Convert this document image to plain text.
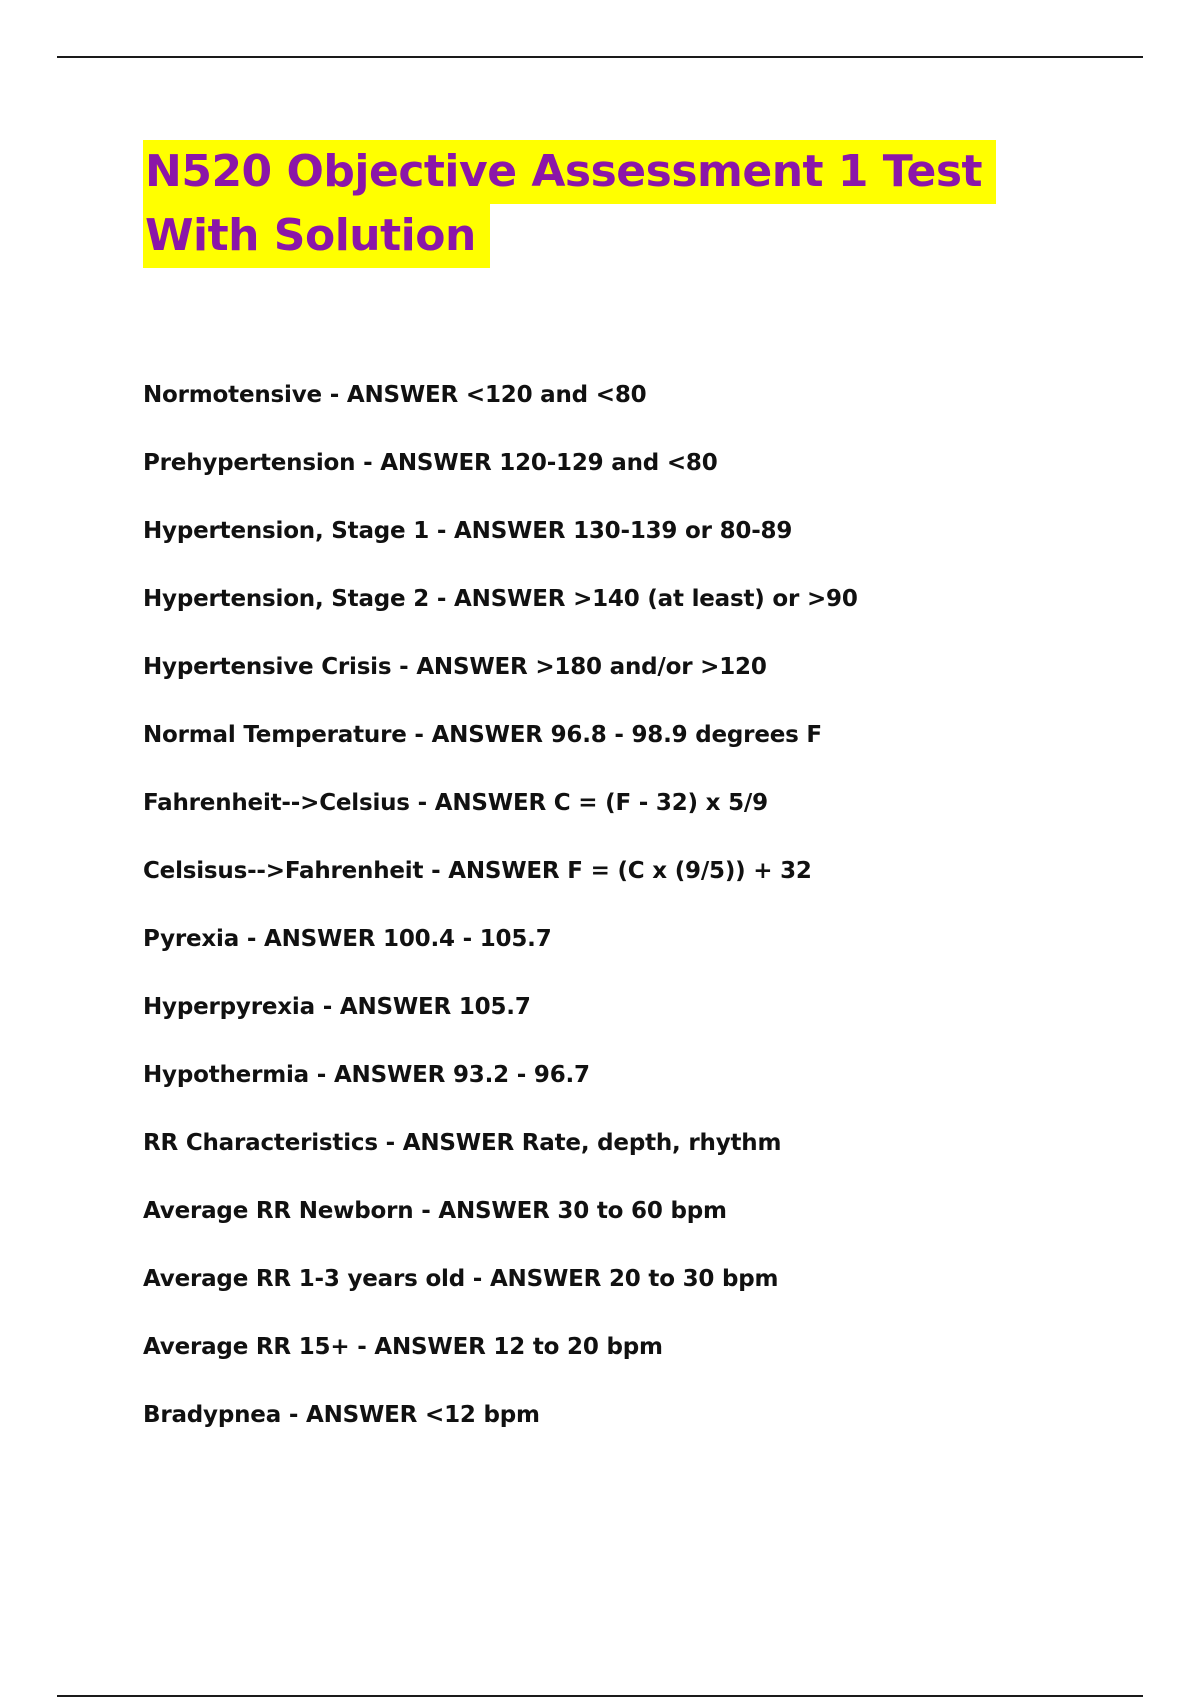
N520 Objective Assessment 1 Test
With Solution
Normotensive - ANSWER <120 and <80
Prehypertension - ANSWER 120-129 and <80
Hypertension, Stage 1 - ANSWER 130-139 or 80-89
Hypertension, Stage 2 - ANSWER >140 (at least) or >90
Hypertensive Crisis - ANSWER >180 and/or >120
Normal Temperature - ANSWER 96.8 - 98.9 degrees F
Fahrenheit-->Celsius - ANSWER C = (F - 32) x 5/9
Celsisus-->Fahrenheit - ANSWER F = (C x (9/5)) + 32
Pyrexia - ANSWER 100.4 - 105.7
Hyperpyrexia - ANSWER 105.7
Hypothermia - ANSWER 93.2 - 96.7
RR Characteristics - ANSWER Rate, depth, rhythm
Average RR Newborn - ANSWER 30 to 60 bpm
Average RR 1-3 years old - ANSWER 20 to 30 bpm
Average RR 15+ - ANSWER 12 to 20 bpm
Bradypnea - ANSWER <12 bpm
